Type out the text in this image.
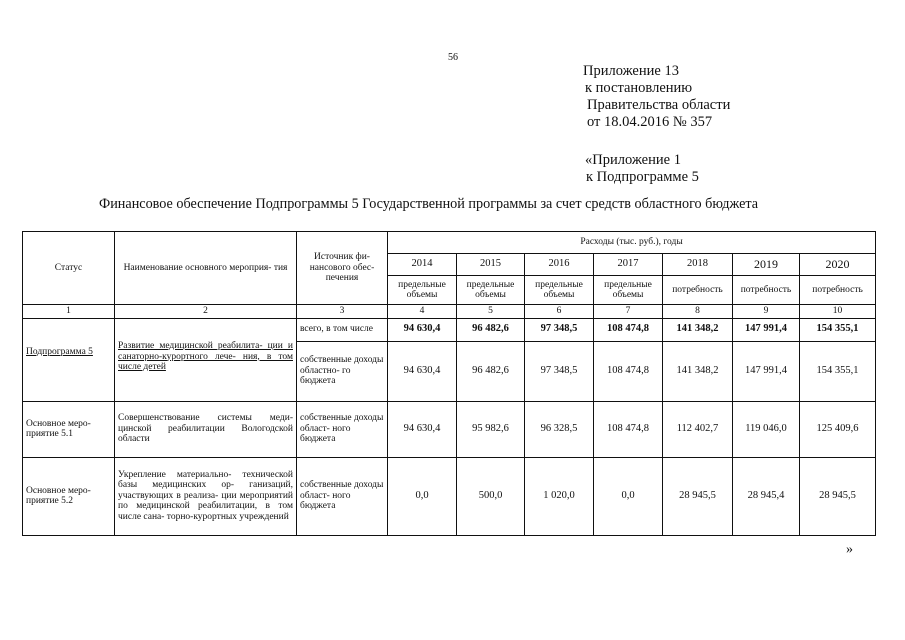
56
Приложение 13
к постановлению
Правительства области
от 18.04.2016 № 357
«Приложение 1
к Подпрограмме 5
Финансовое обеспечение Подпрограммы 5 Государственной программы за счет средств областного бюджета
Статус	Наименование основного мероприя- тия	Источник фи- нансового обес- печения	Расходы (тыс. руб.), годы						
			2014	2015	2016	2017	2018	2019	2020
			предельные объемы	предельные объемы	предельные объемы	предельные объемы	потребность	потребность	потребность
1	2	3	4	5	6	7	8	9	10
		всего, в том числе	94 630,4	96 482,6	97 348,5	108 474,8	141 348,2	147 991,4	154 355,1
Подпрограмма 5	Развитие медицинской реабилита- ции и санаторно-курортного лече- ния, в том числе детей	собственные доходы областно- го бюджета	94 630,4	96 482,6	97 348,5	108 474,8	141 348,2	147 991,4	154 355,1
Основное меро- приятие 5.1	Совершенствование системы меди- цинской реабилитации Вологодской области	собственные доходы област- ного бюджета	94 630,4	95 982,6	96 328,5	108 474,8	112 402,7	119 046,0	125 409,6
Основное меро- приятие 5.2	Укрепление материально- технической базы медицинских ор- ганизаций, участвующих в реализа- ции мероприятий по медицинской реабилитации, в том числе сана- торно-курортных учреждений	собственные доходы област- ного бюджета	0,0	500,0	1 020,0	0,0	28 945,5	28 945,4	28 945,5
»
